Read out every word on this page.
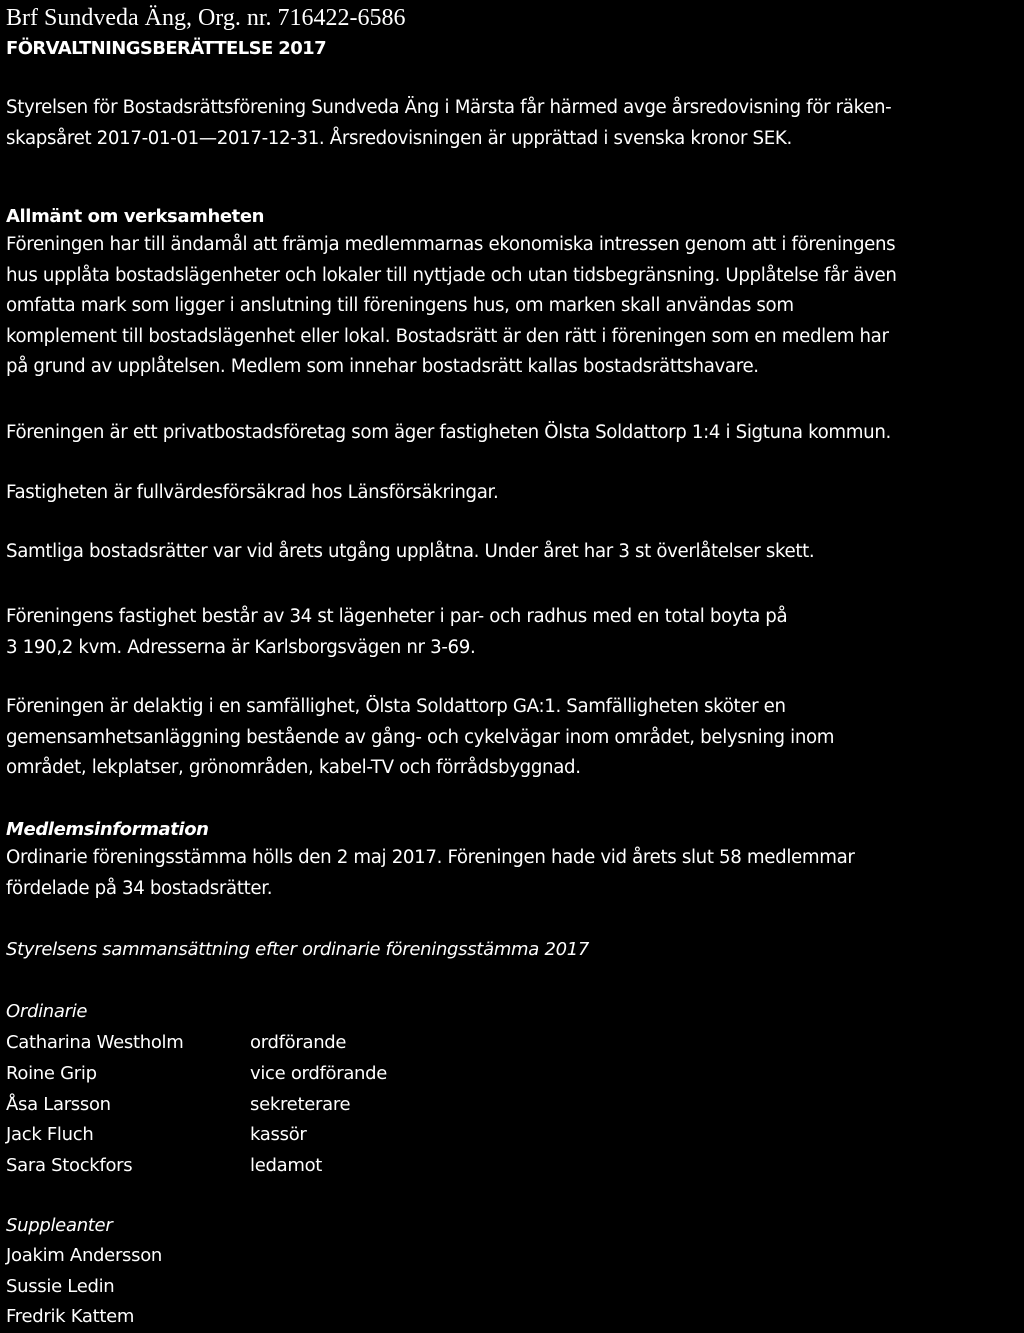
Brf Sundveda Äng, Org. nr. 716422-6586
FÖRVALTNINGSBERÄTTELSE 2017

Styrelsen för Bostadsrättsförening Sundveda Äng i Märsta får härmed avge årsredovisning för räken-

skapsåret 2017-01-01—2017-12-31. Årsredovisningen är upprättad i svenska kronor SEK.

Allmänt om verksamheten

Föreningen har till ändamål att främja medlemmarnas ekonomiska intressen genom att i föreningens

hus upplåta bostadslägenheter och lokaler till nyttjade och utan tidsbegränsning. Upplåtelse får även

omfatta mark som ligger i anslutning till föreningens hus, om marken skall användas som

komplement till bostadslägenhet eller lokal. Bostadsrätt är den rätt i föreningen som en medlem har

på grund av upplåtelsen. Medlem som innehar bostadsrätt kallas bostadsrättshavare.

Föreningen är ett privatbostadsföretag som äger fastigheten Ölsta Soldattorp 1:4 i Sigtuna kommun.

Fastigheten är fullvärdesförsäkrad hos Länsförsäkringar.

Samtliga bostadsrätter var vid årets utgång upplåtna. Under året har 3 st överlåtelser skett.

Föreningens fastighet består av 34 st lägenheter i par- och radhus med en total boyta på

3 190,2 kvm. Adresserna är Karlsborgsvägen nr 3-69.

Föreningen är delaktig i en samfällighet, Ölsta Soldattorp GA:1. Samfälligheten sköter en

gemensamhetsanläggning bestående av gång- och cykelvägar inom området, belysning inom

området, lekplatser, grönområden, kabel-TV och förrådsbyggnad.

Medlemsinformation

Ordinarie föreningsstämma hölls den 2 maj 2017. Föreningen hade vid årets slut 58 medlemmar

fördelade på 34 bostadsrätter.

Styrelsens sammansättning efter ordinarie föreningsstämma 2017
Ordinarie
Catharina Westholm	ordförande
Roine Grip	vice ordförande
Åsa Larsson	sekreterare
Jack Fluch	kassör
Sara Stockfors	ledamot
Suppleanter
Joakim Andersson
Sussie Ledin
Fredrik Kattem
